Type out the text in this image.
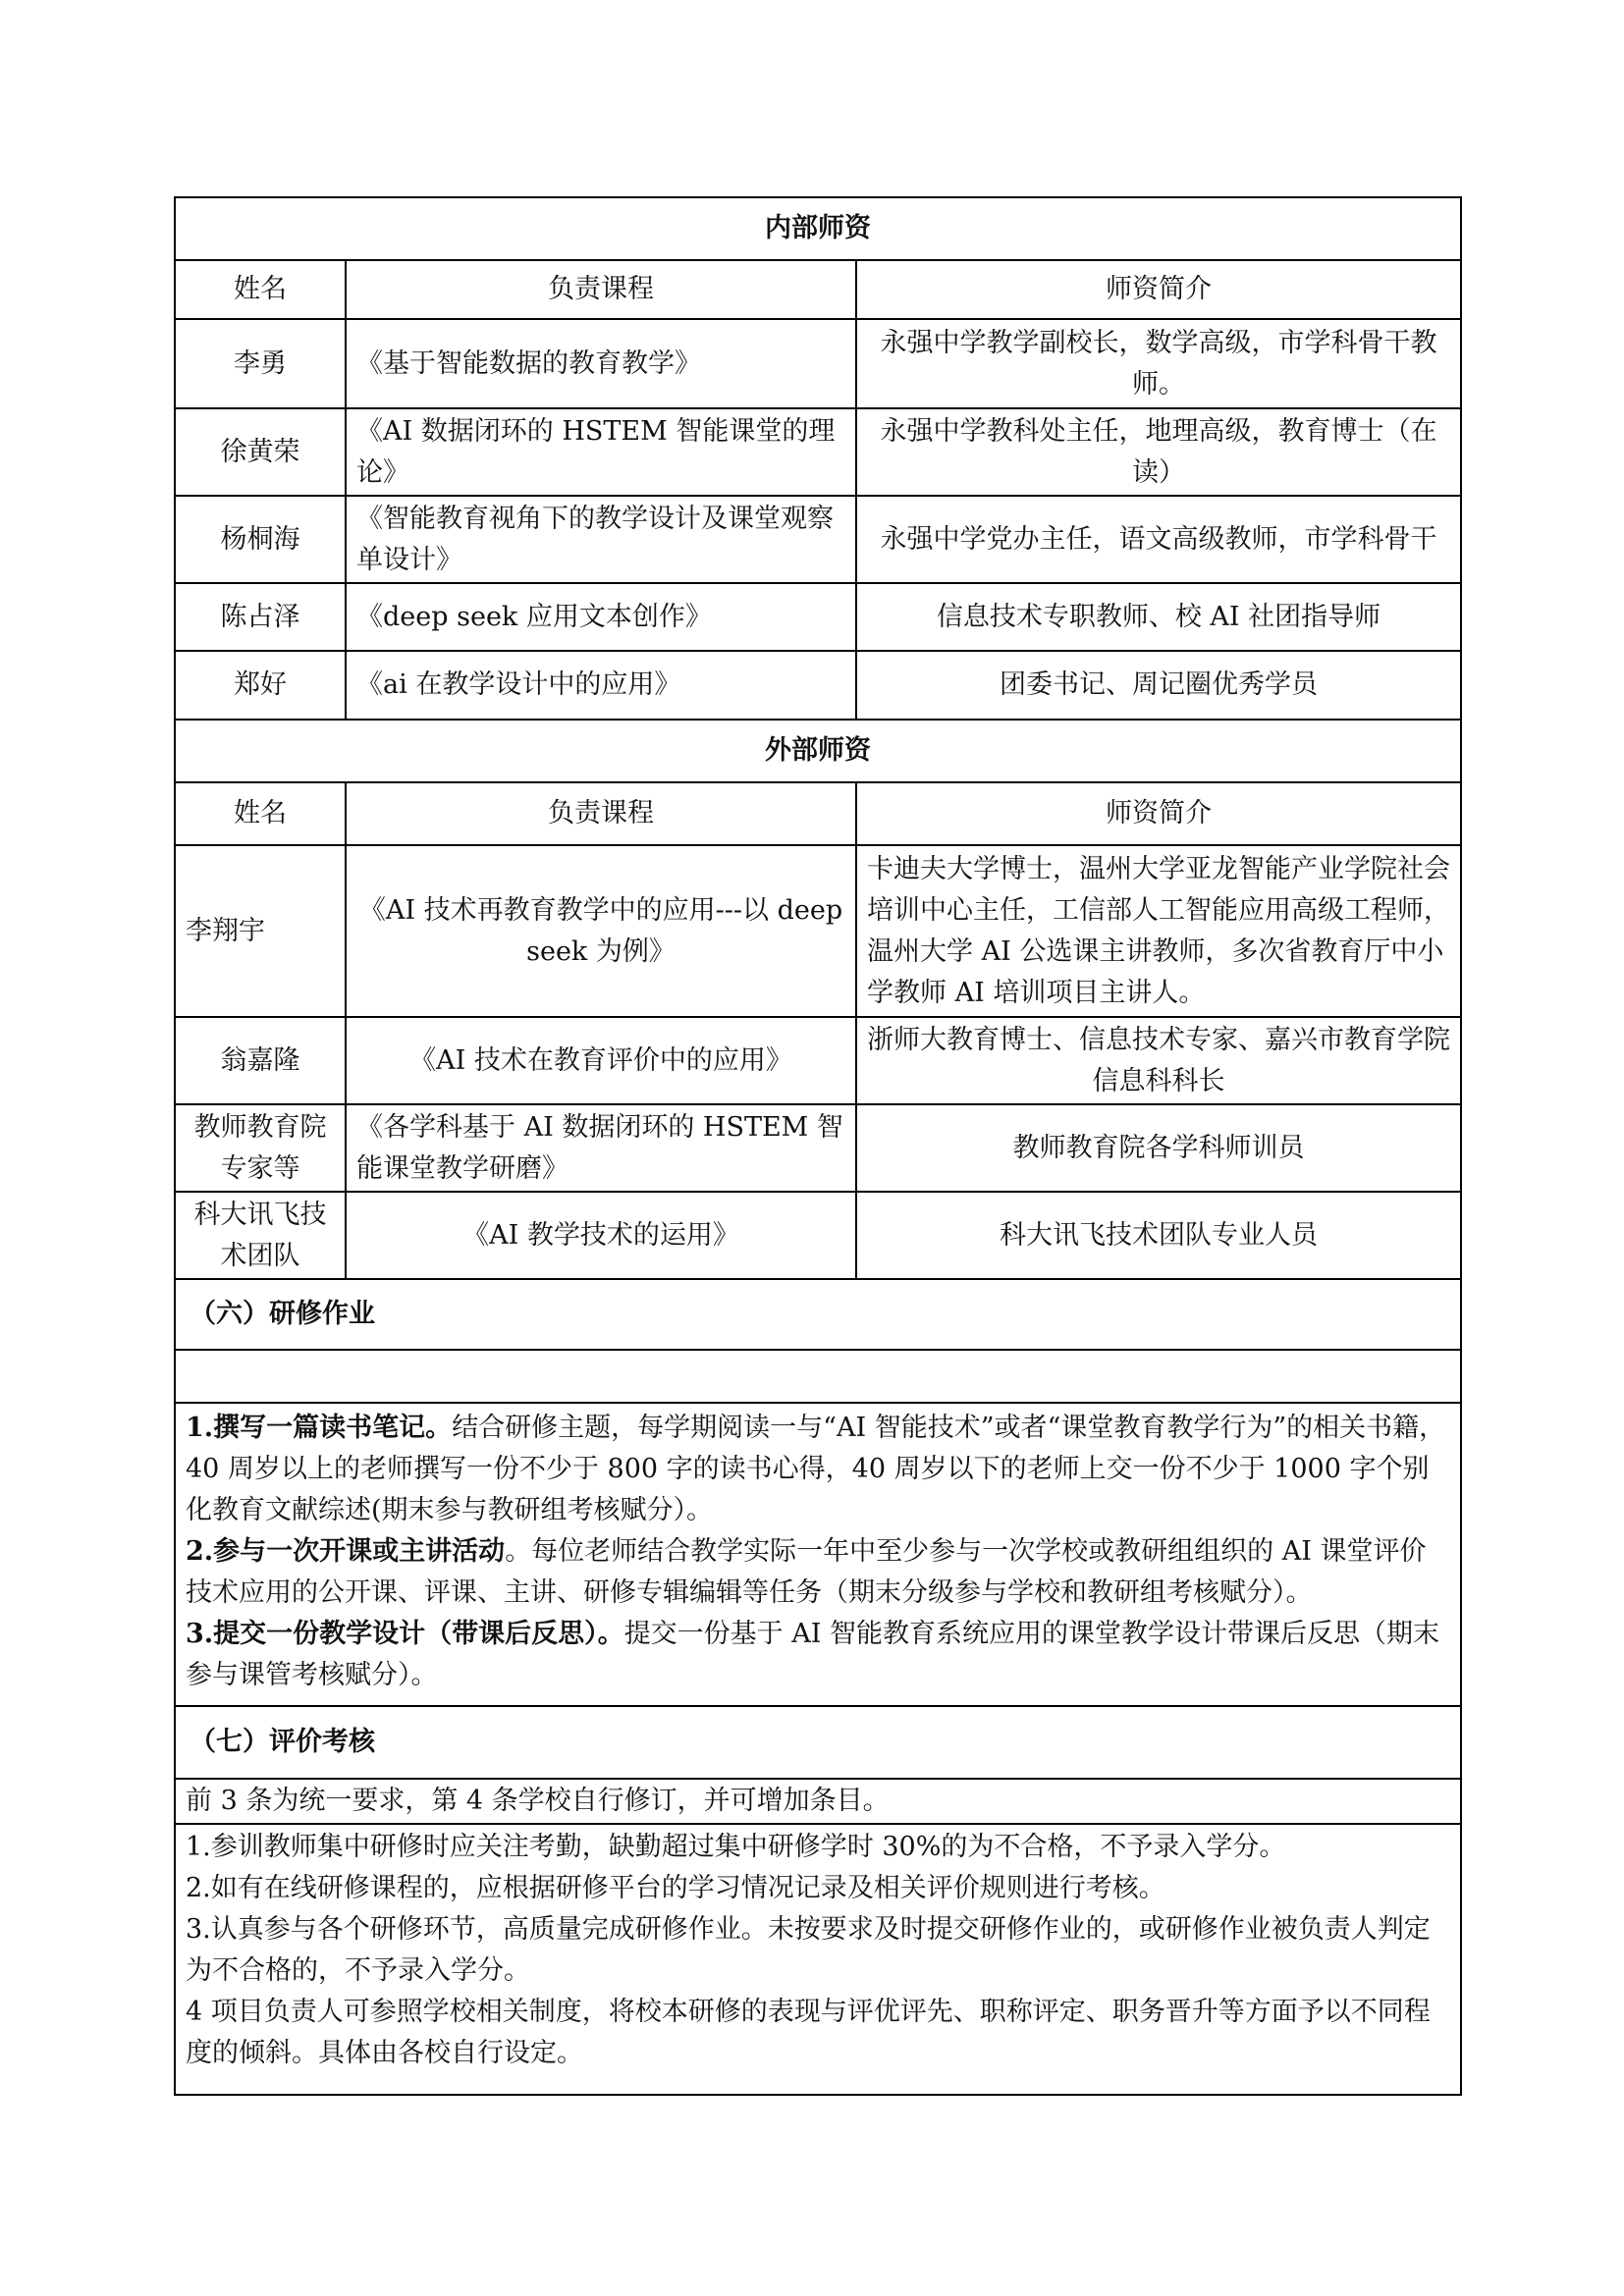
内部师资		
姓名	负责课程	师资简介
李勇	《基于智能数据的教育教学》	永强中学教学副校长，数学高级，市学科骨干教师。
徐黄荣	《AI 数据闭环的 HSTEM 智能课堂的理论》	永强中学教科处主任，地理高级，教育博士（在读）
杨桐海	《智能教育视角下的教学设计及课堂观察单设计》	永强中学党办主任，语文高级教师，市学科骨干
陈占泽	《deep seek 应用文本创作》	信息技术专职教师、校 AI 社团指导师
郑好	《ai 在教学设计中的应用》	团委书记、周记圈优秀学员
外部师资		
姓名	负责课程	师资简介
李翔宇	《AI 技术再教育教学中的应用---以 deepseek 为例》	卡迪夫大学博士，温州大学亚龙智能产业学院社会培训中心主任，工信部人工智能应用高级工程师，温州大学 AI 公选课主讲教师，多次省教育厅中小学教师 AI 培训项目主讲人。
翁嘉隆	《AI 技术在教育评价中的应用》	浙师大教育博士、信息技术专家、嘉兴市教育学院信息科科长
教师教育院专家等	《各学科基于 AI 数据闭环的 HSTEM 智能课堂教学研磨》	教师教育院各学科师训员
科大讯飞技术团队	《AI 教学技术的运用》	科大讯飞技术团队专业人员
（六）研修作业		

1.撰写一篇读书笔记。结合研修主题，每学期阅读一与“AI 智能技术”或者“课堂教育教学行为”的相关书籍， 40 周岁以上的老师撰写一份不少于 800 字的读书心得，40 周岁以下的老师上交一份不少于 1000 字个别化教育文献综述(期末参与教研组考核赋分）。
2.参与一次开课或主讲活动。每位老师结合教学实际一年中至少参与一次学校或教研组组织的 AI 课堂评价技术应用的公开课、评课、主讲、研修专辑编辑等任务（期末分级参与学校和教研组考核赋分）。
3.提交一份教学设计（带课后反思）。提交一份基于 AI 智能教育系统应用的课堂教学设计带课后反思（期末参与课管考核赋分）。		

（七）评价考核		
前 3 条为统一要求，第 4 条学校自行修订，并可增加条目。		

1.参训教师集中研修时应关注考勤，缺勤超过集中研修学时 30%的为不合格，不予录入学分。
2.如有在线研修课程的，应根据研修平台的学习情况记录及相关评价规则进行考核。
3.认真参与各个研修环节，高质量完成研修作业。未按要求及时提交研修作业的，或研修作业被负责人判定为不合格的，不予录入学分。
4 项目负责人可参照学校相关制度，将校本研修的表现与评优评先、职称评定、职务晋升等方面予以不同程度的倾斜。具体由各校自行设定。		
